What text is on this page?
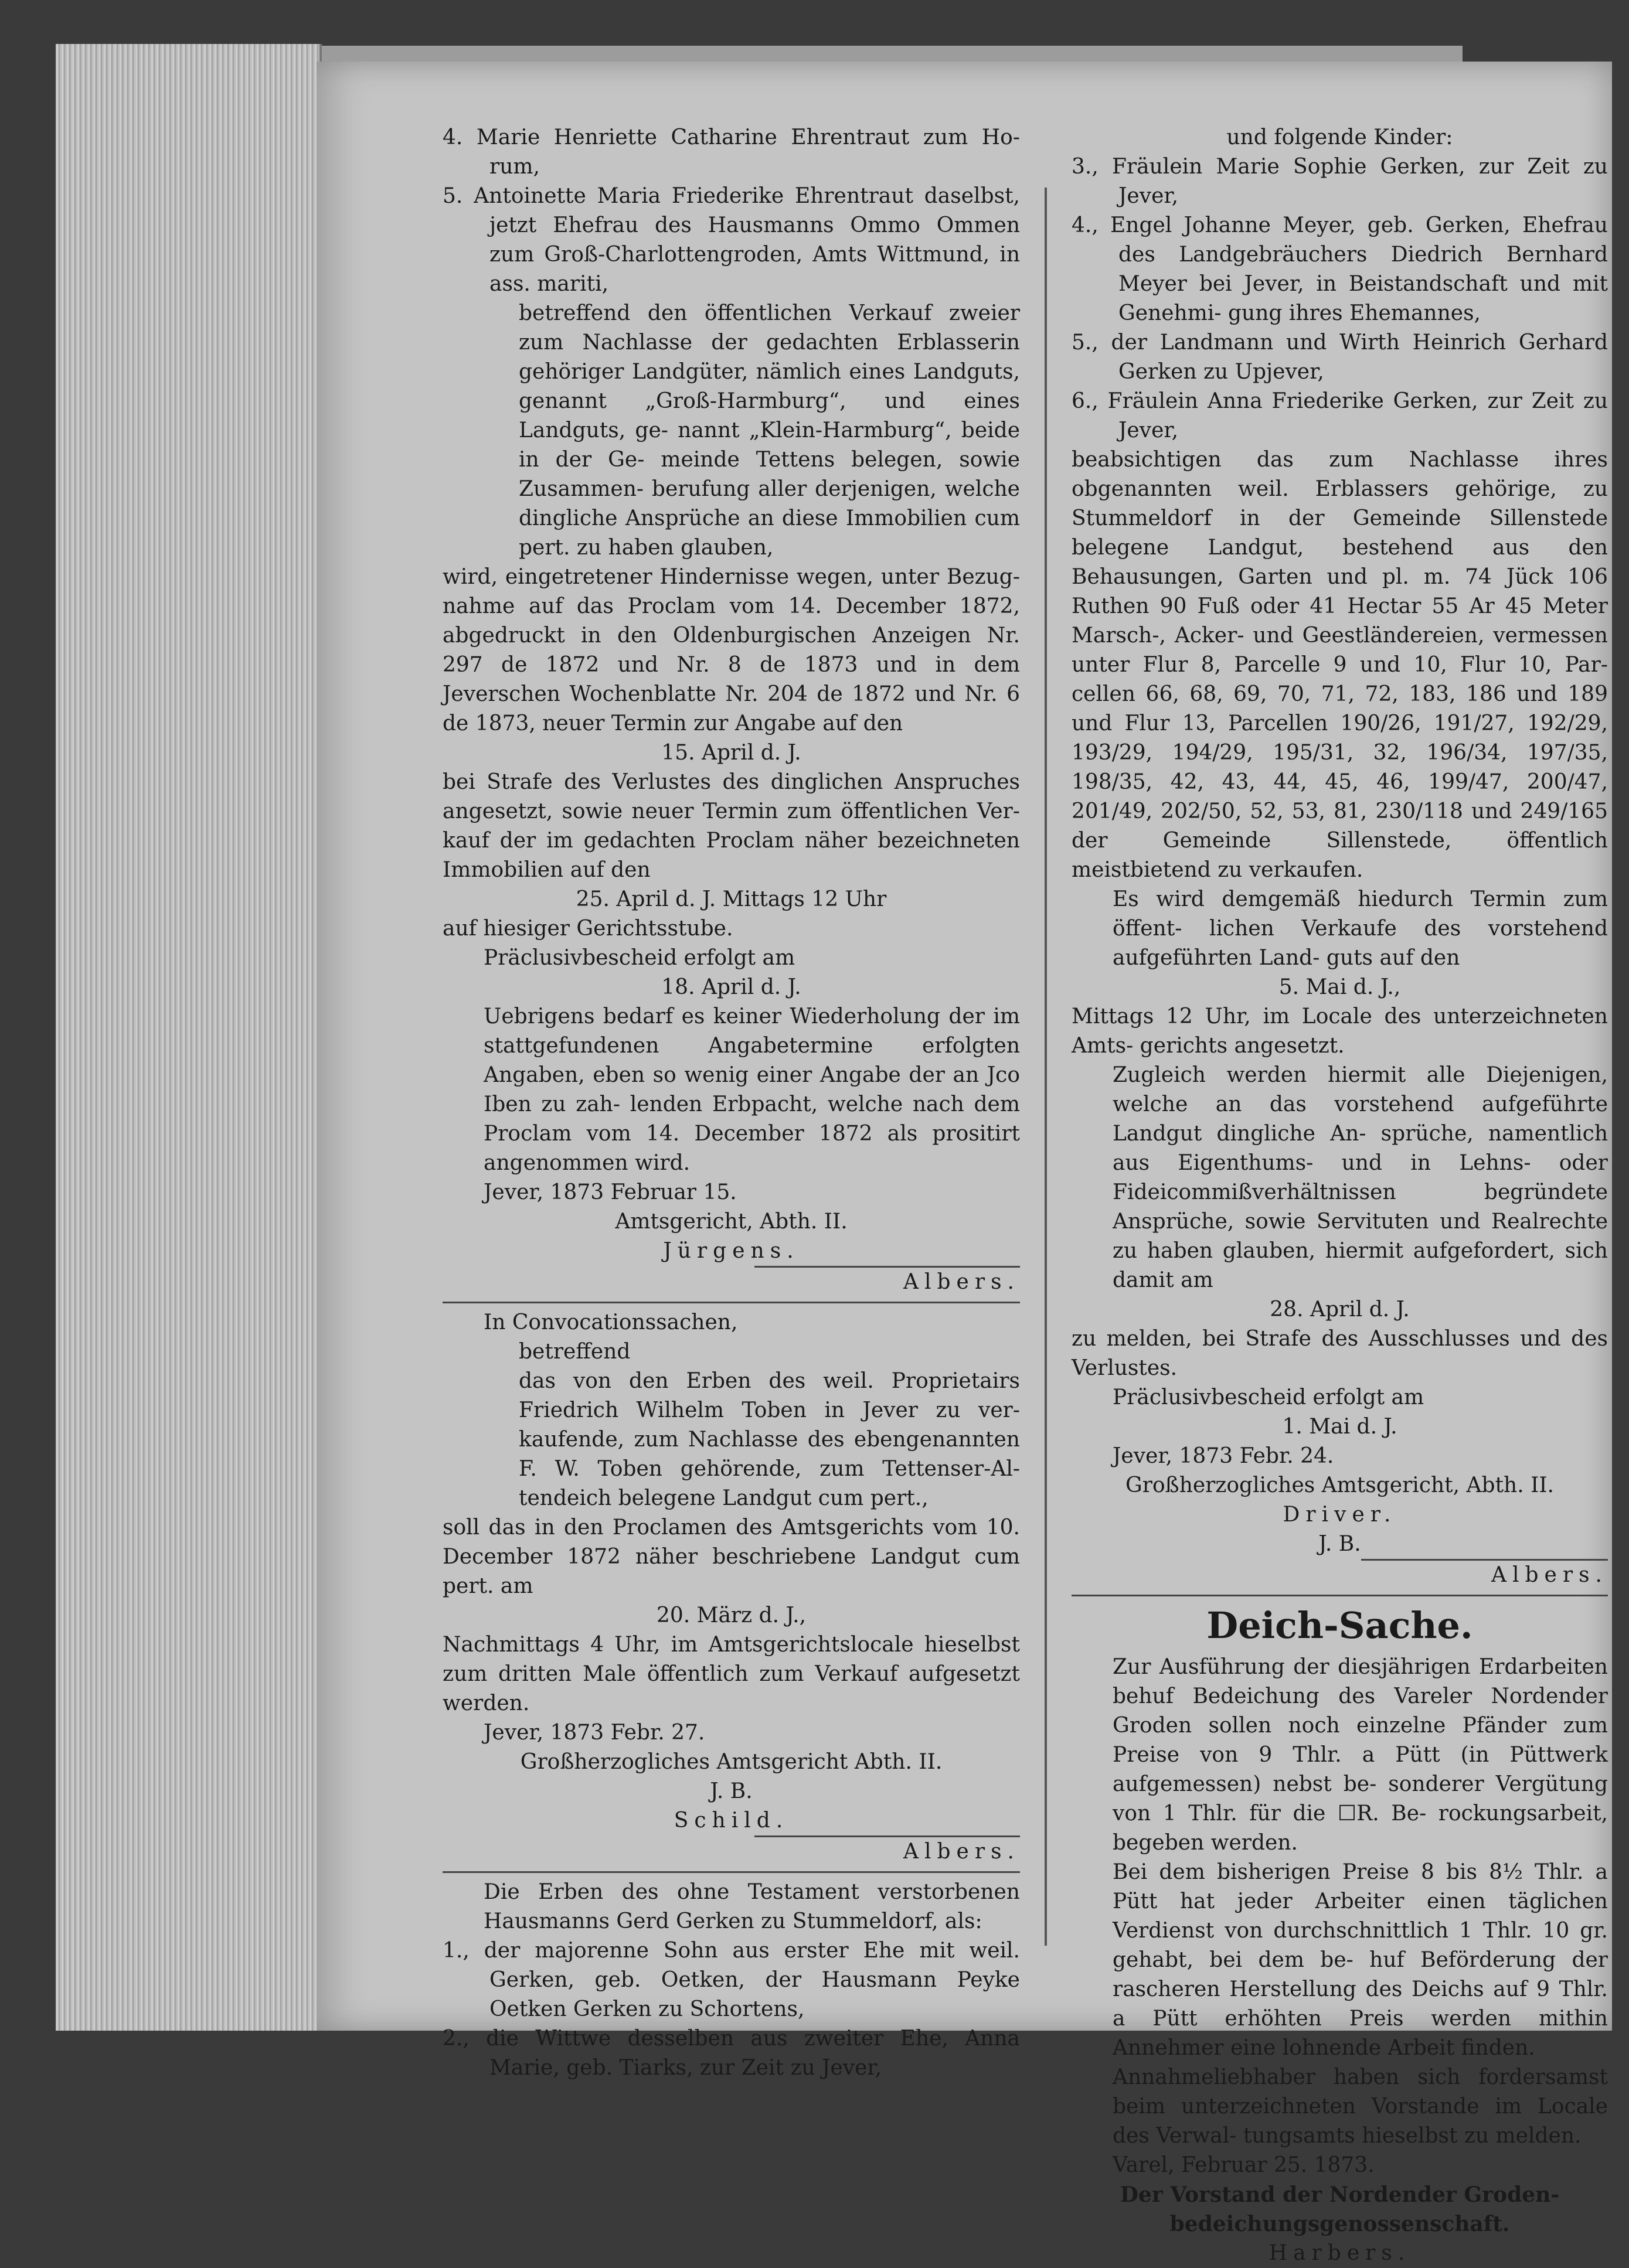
4. Marie Henriette Catharine Ehrentraut zum Ho- rum,

5. Antoinette Maria Friederike Ehrentraut daselbst, jetzt Ehefrau des Hausmanns Ommo Ommen zum Groß-Charlottengroden, Amts Wittmund, in ass. mariti,

betreffend den öffentlichen Verkauf zweier zum Nachlasse der gedachten Erblasserin gehöriger Landgüter, nämlich eines Landguts, genannt „Groß-Harmburg“, und eines Landguts, ge- nannt „Klein-Harmburg“, beide in der Ge- meinde Tettens belegen, sowie Zusammen- berufung aller derjenigen, welche dingliche Ansprüche an diese Immobilien cum pert. zu haben glauben,

wird, eingetretener Hindernisse wegen, unter Bezug- nahme auf das Proclam vom 14. December 1872, abgedruckt in den Oldenburgischen Anzeigen Nr. 297 de 1872 und Nr. 8 de 1873 und in dem Jeverschen Wochenblatte Nr. 204 de 1872 und Nr. 6 de 1873, neuer Termin zur Angabe auf den

15. April d. J.

bei Strafe des Verlustes des dinglichen Anspruches angesetzt, sowie neuer Termin zum öffentlichen Ver- kauf der im gedachten Proclam näher bezeichneten Immobilien auf den

25. April d. J. Mittags 12 Uhr

auf hiesiger Gerichtsstube.

Präclusivbescheid erfolgt am

18. April d. J.

Uebrigens bedarf es keiner Wiederholung der im stattgefundenen Angabetermine erfolgten Angaben, eben so wenig einer Angabe der an Jco Iben zu zah- lenden Erbpacht, welche nach dem Proclam vom 14. December 1872 als prositirt angenommen wird.

Jever, 1873 Februar 15.

Amtsgericht, Abth. II.

Jürgens.

Albers.

In Convocationssachen,

betreffend

das von den Erben des weil. Proprietairs Friedrich Wilhelm Toben in Jever zu ver- kaufende, zum Nachlasse des ebengenannten F. W. Toben gehörende, zum Tettenser-Al- tendeich belegene Landgut cum pert.,

soll das in den Proclamen des Amtsgerichts vom 10. December 1872 näher beschriebene Landgut cum pert. am

20. März d. J.,

Nachmittags 4 Uhr, im Amtsgerichtslocale hieselbst zum dritten Male öffentlich zum Verkauf aufgesetzt werden.

Jever, 1873 Febr. 27.

Großherzogliches Amtsgericht Abth. II.

J. B.

Schild.

Albers.

Die Erben des ohne Testament verstorbenen Hausmanns Gerd Gerken zu Stummeldorf, als:

1., der majorenne Sohn aus erster Ehe mit weil. Gerken, geb. Oetken, der Hausmann Peyke Oetken Gerken zu Schortens,

2., die Wittwe desselben aus zweiter Ehe, Anna Marie, geb. Tiarks, zur Zeit zu Jever,

und folgende Kinder:

3., Fräulein Marie Sophie Gerken, zur Zeit zu Jever,

4., Engel Johanne Meyer, geb. Gerken, Ehefrau des Landgebräuchers Diedrich Bernhard Meyer bei Jever, in Beistandschaft und mit Genehmi- gung ihres Ehemannes,

5., der Landmann und Wirth Heinrich Gerhard Gerken zu Upjever,

6., Fräulein Anna Friederike Gerken, zur Zeit zu Jever,

beabsichtigen das zum Nachlasse ihres obgenannten weil. Erblassers gehörige, zu Stummeldorf in der Gemeinde Sillenstede belegene Landgut, bestehend aus den Behausungen, Garten und pl. m. 74 Jück 106 Ruthen 90 Fuß oder 41 Hectar 55 Ar 45 Meter Marsch-, Acker- und Geestländereien, vermessen unter Flur 8, Parcelle 9 und 10, Flur 10, Par- cellen 66, 68, 69, 70, 71, 72, 183, 186 und 189 und Flur 13, Parcellen 190/26, 191/27, 192/29, 193/29, 194/29, 195/31, 32, 196/34, 197/35, 198/35, 42, 43, 44, 45, 46, 199/47, 200/47, 201/49, 202/50, 52, 53, 81, 230/118 und 249/165 der Gemeinde Sillenstede, öffentlich meistbietend zu verkaufen.

Es wird demgemäß hiedurch Termin zum öffent- lichen Verkaufe des vorstehend aufgeführten Land- guts auf den

5. Mai d. J.,

Mittags 12 Uhr, im Locale des unterzeichneten Amts- gerichts angesetzt.

Zugleich werden hiermit alle Diejenigen, welche an das vorstehend aufgeführte Landgut dingliche An- sprüche, namentlich aus Eigenthums- und in Lehns- oder Fideicommißverhältnissen begründete Ansprüche, sowie Servituten und Realrechte zu haben glauben, hiermit aufgefordert, sich damit am

28. April d. J.

zu melden, bei Strafe des Ausschlusses und des Verlustes.

Präclusivbescheid erfolgt am

1. Mai d. J.

Jever, 1873 Febr. 24.

Großherzogliches Amtsgericht, Abth. II.

Driver.

J. B.

Albers.

Deich-Sache.

Zur Ausführung der diesjährigen Erdarbeiten behuf Bedeichung des Vareler Nordender Groden sollen noch einzelne Pfänder zum Preise von 9 Thlr. a Pütt (in Püttwerk aufgemessen) nebst be- sonderer Vergütung von 1 Thlr. für die ☐R. Be- rockungsarbeit, begeben werden.

Bei dem bisherigen Preise 8 bis 8½ Thlr. a Pütt hat jeder Arbeiter einen täglichen Verdienst von durchschnittlich 1 Thlr. 10 gr. gehabt, bei dem be- huf Beförderung der rascheren Herstellung des Deichs auf 9 Thlr. a Pütt erhöhten Preis werden mithin Annehmer eine lohnende Arbeit finden.

Annahmeliebhaber haben sich fordersamst beim unterzeichneten Vorstande im Locale des Verwal- tungsamts hieselbst zu melden.

Varel, Februar 25. 1873.

Der Vorstand der Nordender Groden- bedeichungsgenossenschaft.

Harbers.
